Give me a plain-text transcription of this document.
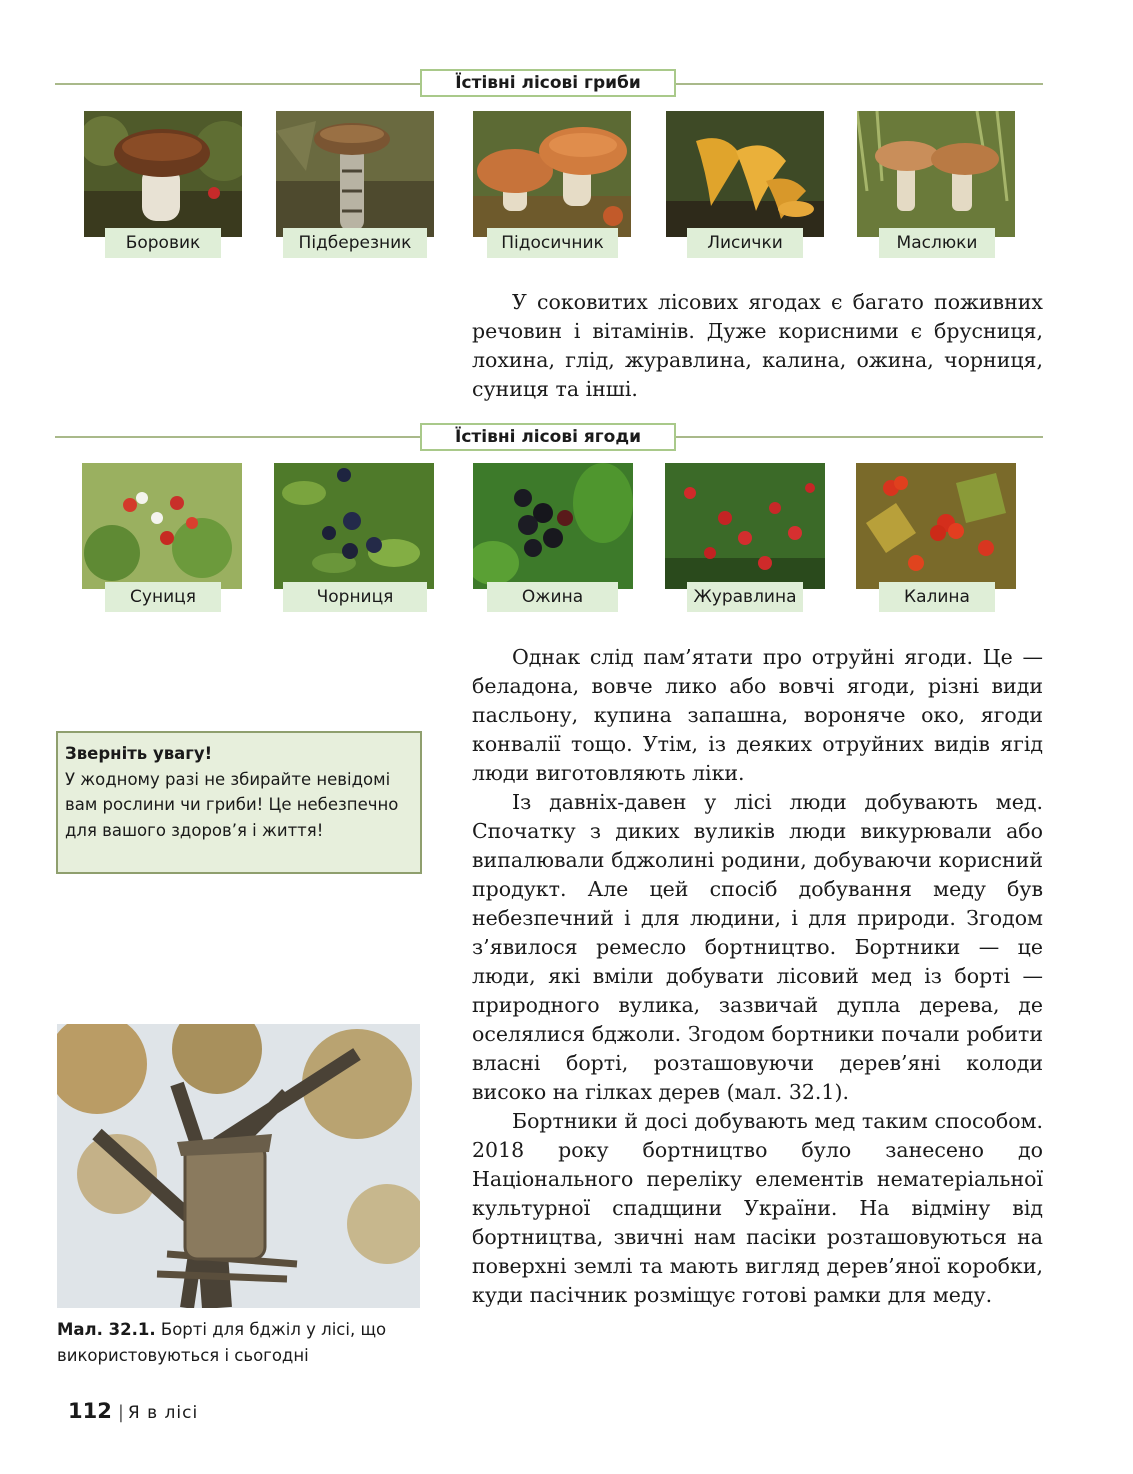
Їстівні лісові гриби
Боровик	Підберезник	Підосичник	Лисички	Маслюки

У соковитих лісових ягодах є багато поживних речовин і вітамінів. Дуже корисними є брусниця, лохина, глід, журавлина, калина, ожина, чорниця, суниця та інші.

Їстівні лісові ягоди
Суниця	Чорниця	Ожина	Журавлина	Калина

Однак слід пам’ятати про отруйні ягоди. Це — беладона, вовче лико або вовчі ягоди, різні види пасльону, купина запашна, вороняче око, ягоди конвалії тощо. Утім, із деяких отруйних видів ягід люди виготовляють ліки.

Із давніх-давен у лісі люди добувають мед. Спочатку з диких вуликів люди викурювали або випалювали бджолині родини, добуваючи корисний продукт. Але цей спосіб добування меду був небезпечний і для людини, і для природи. Згодом з’явилося ремесло бортництво. Бортники — це люди, які вміли добувати лісовий мед із борті — природного вулика, зазвичай дупла дерева, де оселялися бджоли. Згодом бортники почали робити власні борті, розташовуючи дерев’яні колоди високо на гілках дерев (мал. 32.1).

Бортники й досі добувають мед таким способом. 2018 року бортництво було занесено до Національного переліку елементів нематеріальної культурної спадщини України. На відміну від бортництва, звичні нам пасіки розташовуються на поверхні землі та мають вигляд дерев’яної коробки, куди пасічник розміщує готові рамки для меду.

Зверніть увагу!
У жодному разі не збирайте невідомі вам рослини чи гриби! Це небезпечно для вашого здоров’я і життя!
Мал. 32.1. Борті для бджіл у лісі, що використовуються і сьогодні
112 | Я в лісі
